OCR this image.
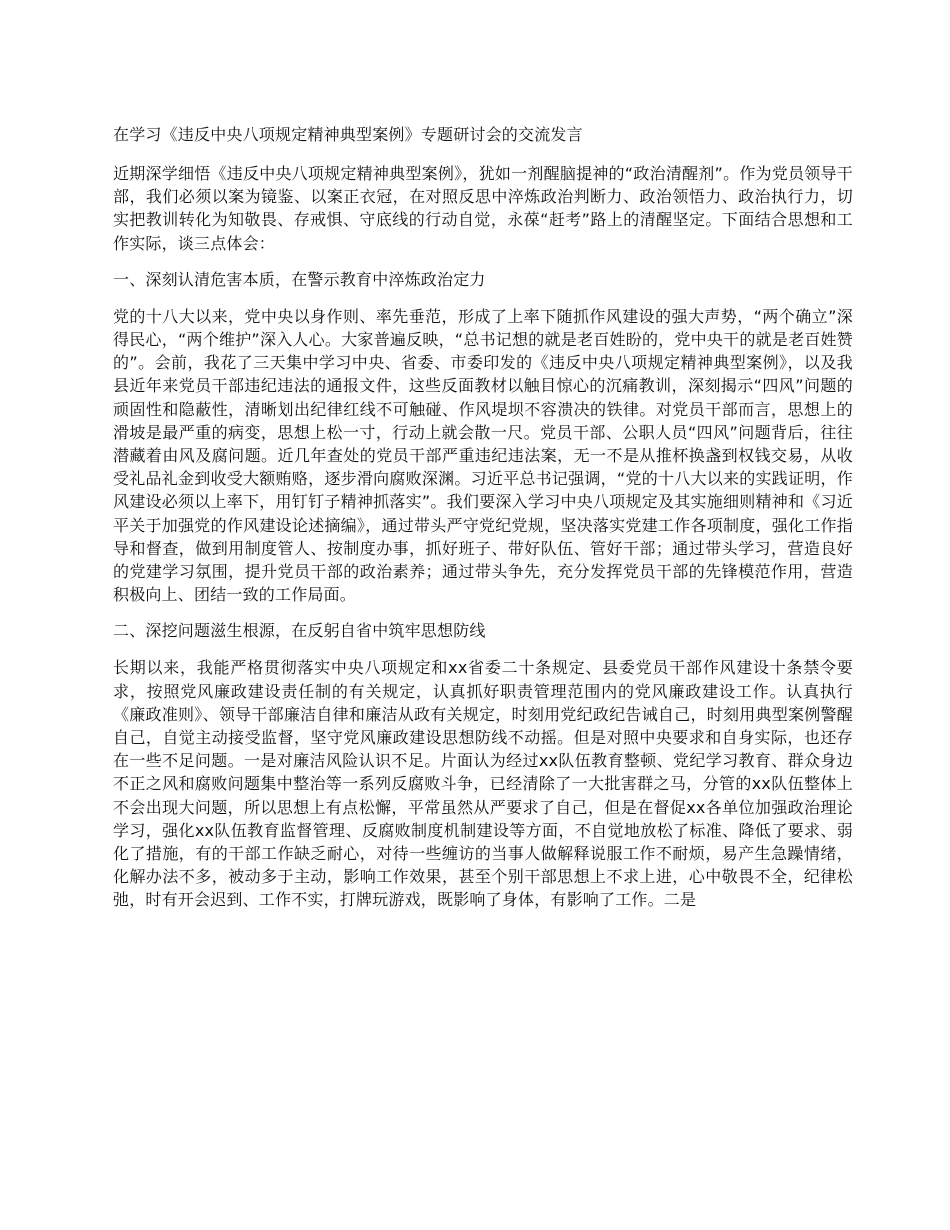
在学习《违反中央八项规定精神典型案例》专题研讨会的交流发言

近期深学细悟《违反中央八项规定精神典型案例》，犹如一剂醒脑提神的“政治清醒剂”。作为党员领导干部，我们必须以案为镜鉴、以案正衣冠，在对照反思中淬炼政治判断力、政治领悟力、政治执行力，切实把教训转化为知敬畏、存戒惧、守底线的行动自觉，永葆“赶考”路上的清醒坚定。下面结合思想和工作实际，谈三点体会：

一、深刻认清危害本质，在警示教育中淬炼政治定力

党的十八大以来，党中央以身作则、率先垂范，形成了上率下随抓作风建设的强大声势，“两个确立”深得民心，“两个维护”深入人心。大家普遍反映，“总书记想的就是老百姓盼的，党中央干的就是老百姓赞的”。会前，我花了三天集中学习中央、省委、市委印发的《违反中央八项规定精神典型案例》，以及我县近年来党员干部违纪违法的通报文件，这些反面教材以触目惊心的沉痛教训，深刻揭示“四风”问题的顽固性和隐蔽性，清晰划出纪律红线不可触碰、作风堤坝不容溃决的铁律。对党员干部而言，思想上的滑坡是最严重的病变，思想上松一寸，行动上就会散一尺。党员干部、公职人员“四风”问题背后，往往潜藏着由风及腐问题。近几年查处的党员干部严重违纪违法案，无一不是从推杯换盏到权钱交易，从收受礼品礼金到收受大额贿赂，逐步滑向腐败深渊。习近平总书记强调，“党的十八大以来的实践证明，作风建设必须以上率下，用钉钉子精神抓落实”。我们要深入学习中央八项规定及其实施细则精神和《习近平关于加强党的作风建设论述摘编》，通过带头严守党纪党规，坚决落实党建工作各项制度，强化工作指导和督查，做到用制度管人、按制度办事，抓好班子、带好队伍、管好干部；通过带头学习，营造良好的党建学习氛围，提升党员干部的政治素养；通过带头争先，充分发挥党员干部的先锋模范作用，营造积极向上、团结一致的工作局面。

二、深挖问题滋生根源，在反躬自省中筑牢思想防线

长期以来，我能严格贯彻落实中央八项规定和xx省委二十条规定、县委党员干部作风建设十条禁令要求，按照党风廉政建设责任制的有关规定，认真抓好职责管理范围内的党风廉政建设工作。认真执行《廉政准则》、领导干部廉洁自律和廉洁从政有关规定，时刻用党纪政纪告诫自己，时刻用典型案例警醒自己，自觉主动接受监督，坚守党风廉政建设思想防线不动摇。但是对照中央要求和自身实际，也还存在一些不足问题。一是对廉洁风险认识不足。片面认为经过xx队伍教育整顿、党纪学习教育、群众身边不正之风和腐败问题集中整治等一系列反腐败斗争，已经清除了一大批害群之马，分管的xx队伍整体上不会出现大问题，所以思想上有点松懈，平常虽然从严要求了自己，但是在督促xx各单位加强政治理论学习，强化xx队伍教育监督管理、反腐败制度机制建设等方面，不自觉地放松了标准、降低了要求、弱化了措施，有的干部工作缺乏耐心，对待一些缠访的当事人做解释说服工作不耐烦，易产生急躁情绪，化解办法不多，被动多于主动，影响工作效果，甚至个别干部思想上不求上进，心中敬畏不全，纪律松弛，时有开会迟到、工作不实，打牌玩游戏，既影响了身体，有影响了工作。二是
